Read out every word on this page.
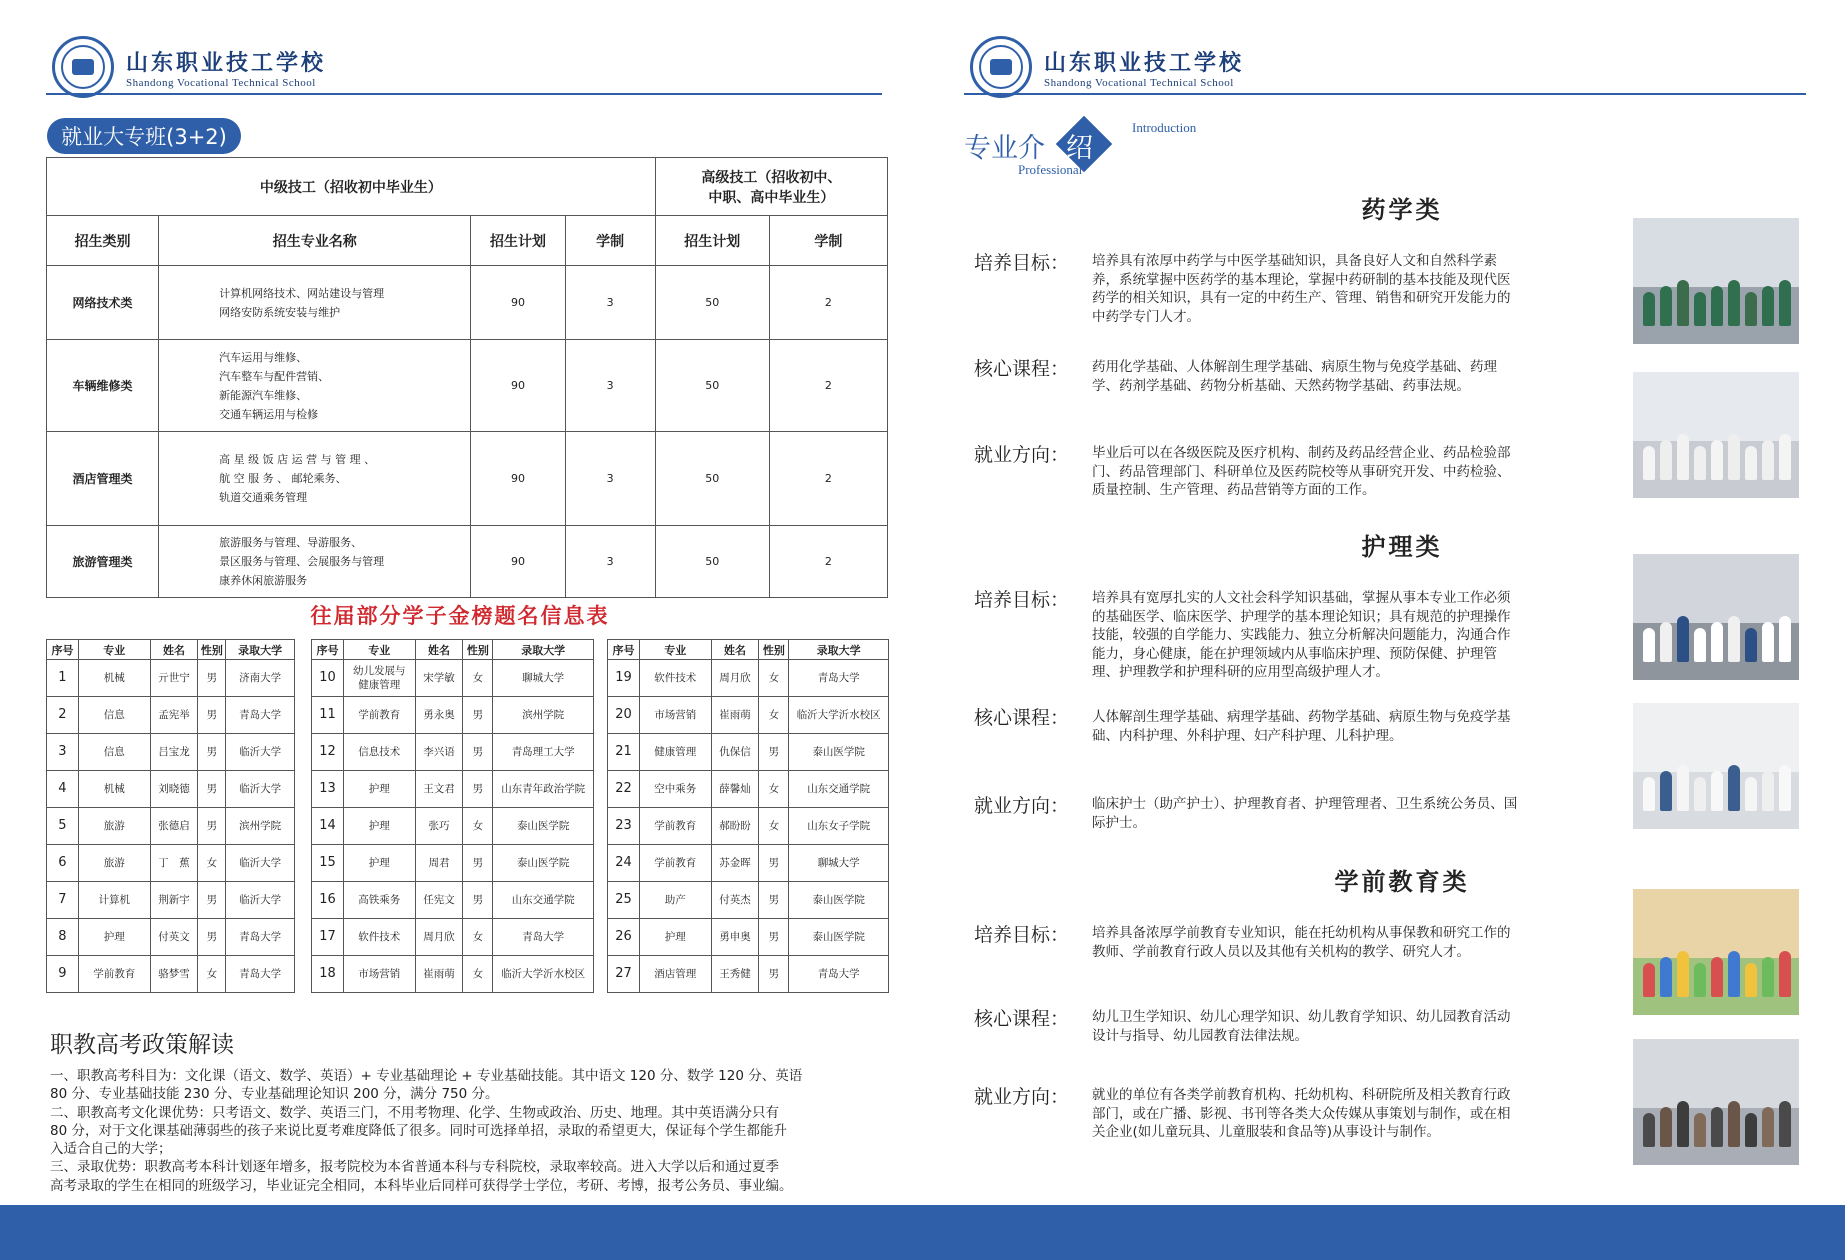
山东职业技工学校
Shandong Vocational Technical School
就业大专班(3+2)
中级技工（招收初中毕业生）				高级技工（招收初中、
中职、高中毕业生）	
招生类别	招生专业名称	招生计划	学制	招生计划	学制
网络技术类	计算机网络技术、网站建设与管理
网络安防系统安装与维护	90	3	50	2
车辆维修类	汽车运用与维修、
汽车整车与配件营销、
新能源汽车维修、
交通车辆运用与检修	90	3	50	2
酒店管理类	高 星 级 饭 店 运 营 与 管 理 、
航 空 服 务 、 邮轮乘务、
轨道交通乘务管理	90	3	50	2
旅游管理类	旅游服务与管理、导游服务、
景区服务与管理、会展服务与管理
康养休闲旅游服务	90	3	50	2
往届部分学子金榜题名信息表
序号	专业	姓名	性别	录取大学
1	机械	亓世宁	男	济南大学
2	信息	孟宪举	男	青岛大学
3	信息	吕宝龙	男	临沂大学
4	机械	刘晓德	男	临沂大学
5	旅游	张德启	男	滨州学院
6	旅游	丁　蕉	女	临沂大学
7	计算机	荆新宇	男	临沂大学
8	护理	付英文	男	青岛大学
9	学前教育	骆梦雪	女	青岛大学
序号	专业	姓名	性别	录取大学
10	幼儿发展与
健康管理	宋学敏	女	聊城大学
11	学前教育	勇永奥	男	滨州学院
12	信息技术	李兴语	男	青岛理工大学
13	护理	王文君	男	山东青年政治学院
14	护理	张巧	女	泰山医学院
15	护理	周君	男	泰山医学院
16	高铁乘务	任宪文	男	山东交通学院
17	软件技术	周月欣	女	青岛大学
18	市场营销	崔雨萌	女	临沂大学沂水校区
序号	专业	姓名	性别	录取大学
19	软件技术	周月欣	女	青岛大学
20	市场营销	崔雨萌	女	临沂大学沂水校区
21	健康管理	仇保信	男	泰山医学院
22	空中乘务	薛馨灿	女	山东交通学院
23	学前教育	郝盼盼	女	山东女子学院
24	学前教育	苏金晖	男	聊城大学
25	助产	付英杰	男	泰山医学院
26	护理	勇申奥	男	泰山医学院
27	酒店管理	王秀健	男	青岛大学
职教高考政策解读
一、职教高考科目为：文化课（语文、数学、英语）+ 专业基础理论 + 专业基础技能。其中语文 120 分、数学 120 分、英语
80 分、专业基础技能 230 分、专业基础理论知识 200 分，满分 750 分。
二、职教高考文化课优势：只考语文、数学、英语三门，不用考物理、化学、生物或政治、历史、地理。其中英语满分只有
80 分，对于文化课基础薄弱些的孩子来说比夏考难度降低了很多。同时可选择单招，录取的希望更大，保证每个学生都能升
入适合自己的大学；
三、录取优势：职教高考本科计划逐年增多，报考院校为本省普通本科与专科院校，录取率较高。进入大学以后和通过夏季
高考录取的学生在相同的班级学习，毕业证完全相同，本科毕业后同样可获得学士学位，考研、考博，报考公务员、事业编。
山东职业技工学校
Shandong Vocational Technical School
专业介 绍
Introduction
Professional
药学类
培养目标： 培养具有浓厚中药学与中医学基础知识，具备良好人文和自然科学素养，系统掌握中医药学的基本理论，掌握中药研制的基本技能及现代医药学的相关知识，具有一定的中药生产、管理、销售和研究开发能力的中药学专门人才。
核心课程： 药用化学基础、人体解剖生理学基础、病原生物与免疫学基础、药理学、药剂学基础、药物分析基础、天然药物学基础、药事法规。
就业方向： 毕业后可以在各级医院及医疗机构、制药及药品经营企业、药品检验部门、药品管理部门、科研单位及医药院校等从事研究开发、中药检验、质量控制、生产管理、药品营销等方面的工作。
护理类
培养目标： 培养具有宽厚扎实的人文社会科学知识基础，掌握从事本专业工作必须的基础医学、临床医学、护理学的基本理论知识；具有规范的护理操作技能，较强的自学能力、实践能力、独立分析解决问题能力，沟通合作能力，身心健康，能在护理领域内从事临床护理、预防保健、护理管理、护理教学和护理科研的应用型高级护理人才。
核心课程： 人体解剖生理学基础、病理学基础、药物学基础、病原生物与免疫学基础、内科护理、外科护理、妇产科护理、儿科护理。
就业方向： 临床护士（助产护士）、护理教育者、护理管理者、卫生系统公务员、国际护士。
学前教育类
培养目标： 培养具备浓厚学前教育专业知识，能在托幼机构从事保教和研究工作的教师、学前教育行政人员以及其他有关机构的教学、研究人才。
核心课程： 幼儿卫生学知识、幼儿心理学知识、幼儿教育学知识、幼儿园教育活动设计与指导、幼儿园教育法律法规。
就业方向： 就业的单位有各类学前教育机构、托幼机构、科研院所及相关教育行政部门，或在广播、影视、书刊等各类大众传媒从事策划与制作，或在相关企业(如儿童玩具、儿童服装和食品等)从事设计与制作。
